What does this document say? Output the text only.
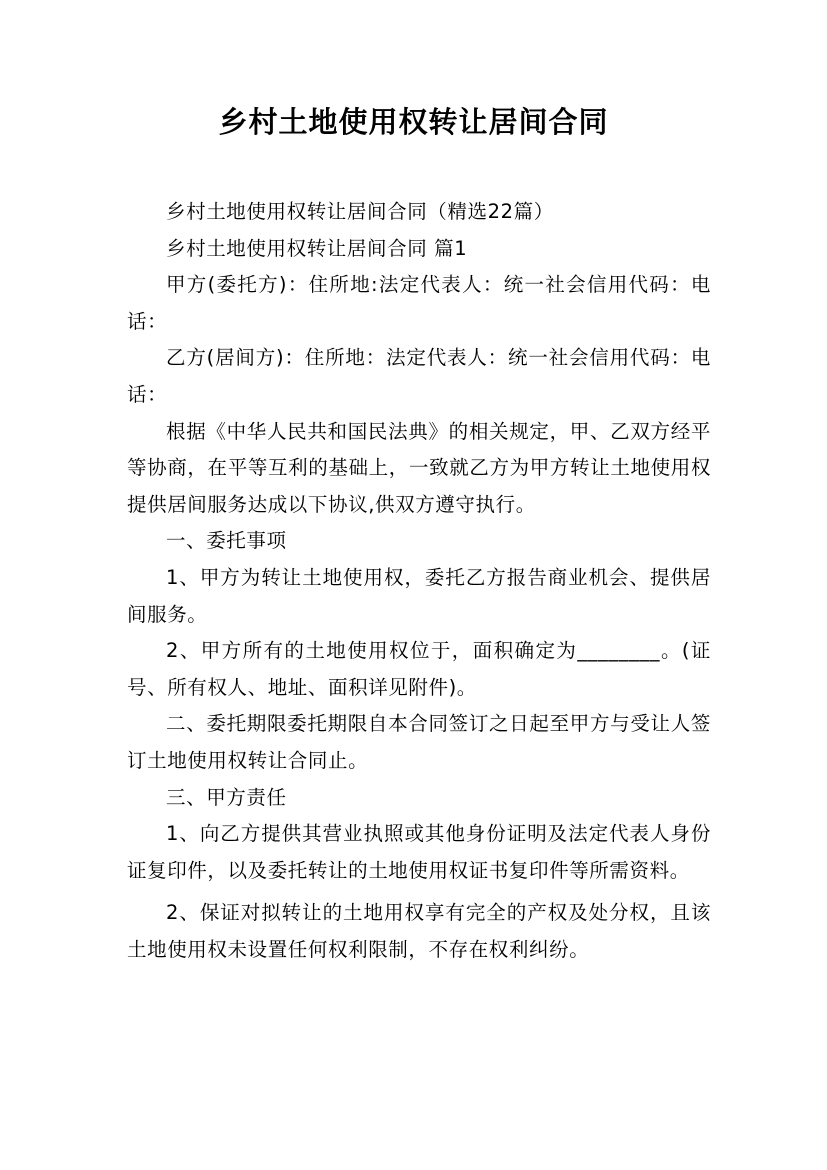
乡村土地使用权转让居间合同

乡村土地使用权转让居间合同（精选22篇）

乡村土地使用权转让居间合同 篇1

甲方(委托方)：住所地:法定代表人：统一社会信用代码：电话：

乙方(居间方)：住所地：法定代表人：统一社会信用代码：电话：

根据《中华人民共和国民法典》的相关规定，甲、乙双方经平等协商，在平等互利的基础上，一致就乙方为甲方转让土地使用权提供居间服务达成以下协议,供双方遵守执行。

一、委托事项

1、甲方为转让土地使用权，委托乙方报告商业机会、提供居间服务。

2、甲方所有的土地使用权位于，面积确定为________。(证号、所有权人、地址、面积详见附件)。

二、委托期限委托期限自本合同签订之日起至甲方与受让人签订土地使用权转让合同止。

三、甲方责任

1、向乙方提供其营业执照或其他身份证明及法定代表人身份证复印件，以及委托转让的土地使用权证书复印件等所需资料。

2、保证对拟转让的土地用权享有完全的产权及处分权，且该土地使用权未设置任何权利限制，不存在权利纠纷。
